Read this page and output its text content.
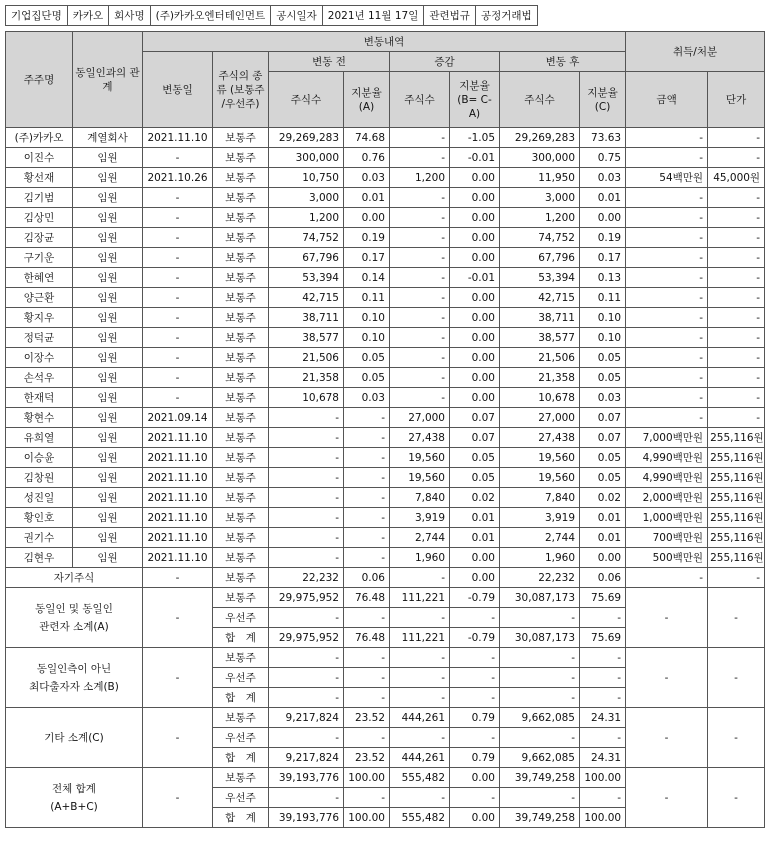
기업집단명	카카오	회사명	(주)카카오엔터테인먼트	공시일자	2021년 11월 17일	관련법규	공정거래법
주주명	동일인과의 관계	변동내역								취득/처분	
		변동일	주식의 종류 (보통주 /우선주)	변동 전		증감		변동 후			
				주식수	지분율 (A)	주식수	지분율 (B= C-A)	주식수	지분율 (C)	금액	단가
(주)카카오	계열회사	2021.11.10	보통주	29,269,283	74.68	-	-1.05	29,269,283	73.63	-	-
이진수	임원	-	보통주	300,000	0.76	-	-0.01	300,000	0.75	-	-
황선재	임원	2021.10.26	보통주	10,750	0.03	1,200	0.00	11,950	0.03	54백만원	45,000원
김기범	임원	-	보통주	3,000	0.01	-	0.00	3,000	0.01	-	-
김상민	임원	-	보통주	1,200	0.00	-	0.00	1,200	0.00	-	-
김장균	임원	-	보통주	74,752	0.19	-	0.00	74,752	0.19	-	-
구기운	임원	-	보통주	67,796	0.17	-	0.00	67,796	0.17	-	-
한혜연	임원	-	보통주	53,394	0.14	-	-0.01	53,394	0.13	-	-
양근환	임원	-	보통주	42,715	0.11	-	0.00	42,715	0.11	-	-
황지우	임원	-	보통주	38,711	0.10	-	0.00	38,711	0.10	-	-
정덕균	임원	-	보통주	38,577	0.10	-	0.00	38,577	0.10	-	-
이장수	임원	-	보통주	21,506	0.05	-	0.00	21,506	0.05	-	-
손석우	임원	-	보통주	21,358	0.05	-	0.00	21,358	0.05	-	-
한재덕	임원	-	보통주	10,678	0.03	-	0.00	10,678	0.03	-	-
황현수	임원	2021.09.14	보통주	-	-	27,000	0.07	27,000	0.07	-	-
유희열	임원	2021.11.10	보통주	-	-	27,438	0.07	27,438	0.07	7,000백만원	255,116원
이승윤	임원	2021.11.10	보통주	-	-	19,560	0.05	19,560	0.05	4,990백만원	255,116원
김창원	임원	2021.11.10	보통주	-	-	19,560	0.05	19,560	0.05	4,990백만원	255,116원
성진일	임원	2021.11.10	보통주	-	-	7,840	0.02	7,840	0.02	2,000백만원	255,116원
황인호	임원	2021.11.10	보통주	-	-	3,919	0.01	3,919	0.01	1,000백만원	255,116원
권기수	임원	2021.11.10	보통주	-	-	2,744	0.01	2,744	0.01	700백만원	255,116원
김현우	임원	2021.11.10	보통주	-	-	1,960	0.00	1,960	0.00	500백만원	255,116원
자기주식		-	보통주	22,232	0.06	-	0.00	22,232	0.06	-	-

동일인 및 동일인
관련자 소계(A)		-	보통주	29,975,952	76.48	111,221	-0.79	30,087,173	75.69	-	-
			우선주	-	-	-	-	-	-		
			합　계	29,975,952	76.48	111,221	-0.79	30,087,173	75.69		

동일인측이 아닌
최다출자자 소계(B)		-	보통주	-	-	-	-	-	-	-	-
			우선주	-	-	-	-	-	-		
			합　계	-	-	-	-	-	-		

기타 소계(C)		-	보통주	9,217,824	23.52	444,261	0.79	9,662,085	24.31	-	-
			우선주	-	-	-	-	-	-		
			합　계	9,217,824	23.52	444,261	0.79	9,662,085	24.31		

전체 합계
(A+B+C)		-	보통주	39,193,776	100.00	555,482	0.00	39,749,258	100.00	-	-
			우선주	-	-	-	-	-	-		
			합　계	39,193,776	100.00	555,482	0.00	39,749,258	100.00		
